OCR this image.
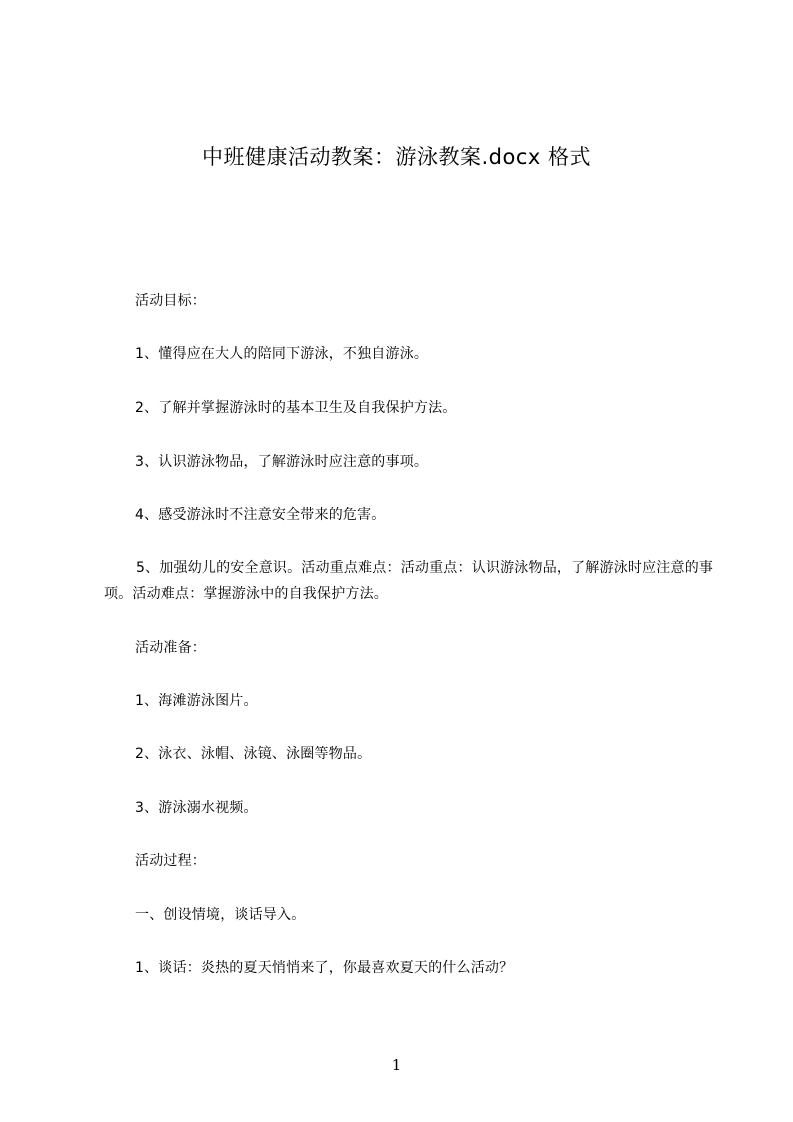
中班健康活动教案：游泳教案.docx 格式
活动目标：
1、懂得应在大人的陪同下游泳，不独自游泳。
2、了解并掌握游泳时的基本卫生及自我保护方法。
3、认识游泳物品，了解游泳时应注意的事项。
4、感受游泳时不注意安全带来的危害。
5、加强幼儿的安全意识。活动重点难点：活动重点：认识游泳物品，了解游泳时应注意的事项。活动难点：掌握游泳中的自我保护方法。
活动准备：
1、海滩游泳图片。
2、泳衣、泳帽、泳镜、泳圈等物品。
3、游泳溺水视频。
活动过程：
一、创设情境，谈话导入。
1、谈话：炎热的夏天悄悄来了，你最喜欢夏天的什么活动？
1
